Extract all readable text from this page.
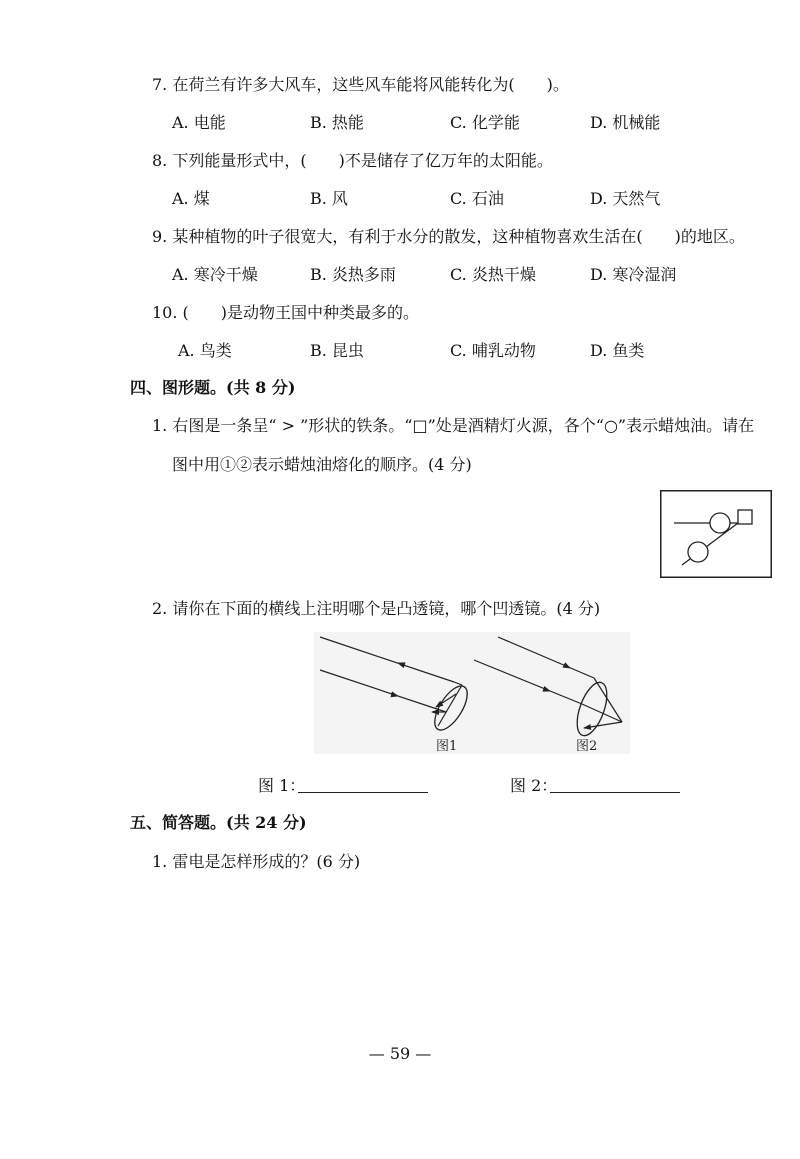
7. 在荷兰有许多大风车，这些风车能将风能转化为(　　)。
A. 电能	B. 热能	C. 化学能	D. 机械能
8. 下列能量形式中，(　　)不是储存了亿万年的太阳能。
A. 煤	B. 风	C. 石油	D. 天然气
9. 某种植物的叶子很宽大，有利于水分的散发，这种植物喜欢生活在(　　)的地区。
A. 寒冷干燥	B. 炎热多雨	C. 炎热干燥	D. 寒冷湿润
10. (　　)是动物王国中种类最多的。
A. 鸟类	B. 昆虫	C. 哺乳动物	D. 鱼类
四、图形题。(共 8 分)
1. 右图是一条呈“ > ”形状的铁条。“□”处是酒精灯火源，各个“○”表示蜡烛油。请在
图中用①②表示蜡烛油熔化的顺序。(4 分)
2. 请你在下面的横线上注明哪个是凸透镜，哪个凹透镜。(4 分)
图1	图2
图 1：	图 2：
五、简答题。(共 24 分)
1. 雷电是怎样形成的？(6 分)
— 59 —
